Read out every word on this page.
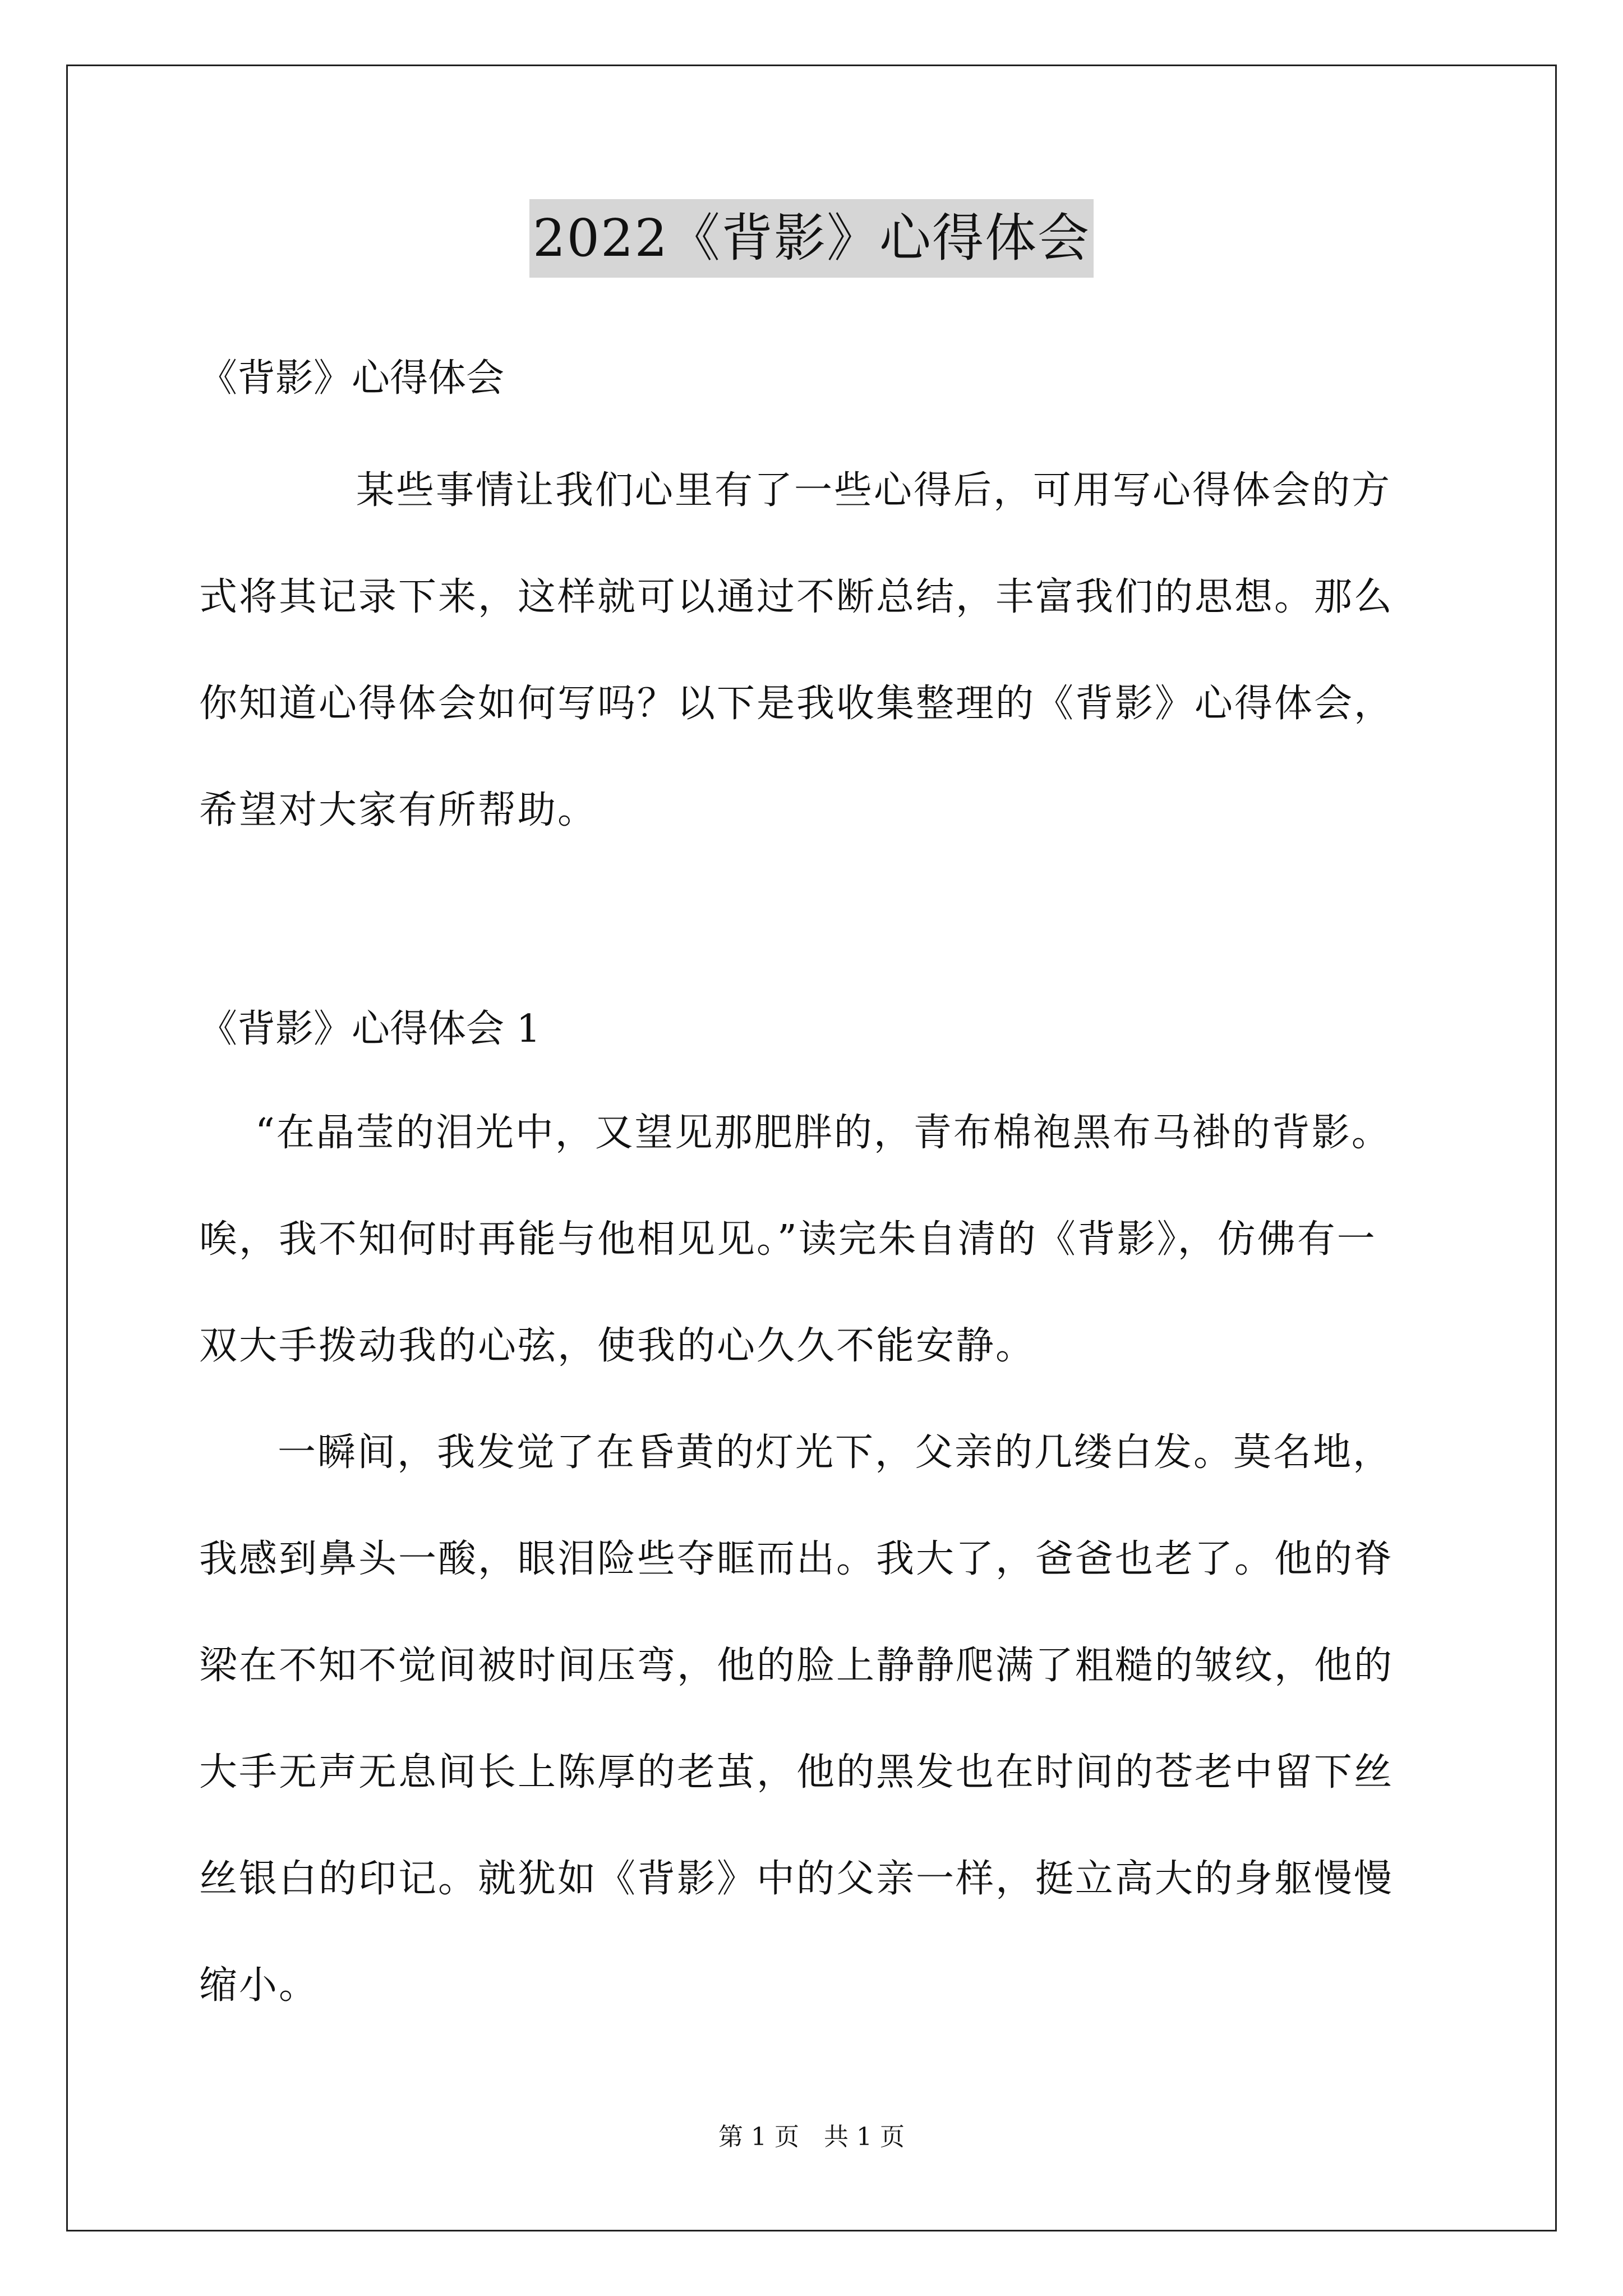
2022《背影》心得体会
《背影》心得体会
某些事情让我们心里有了一些心得后，可用写心得体会的方
式将其记录下来，这样就可以通过不断总结，丰富我们的思想。那么
你知道心得体会如何写吗？以下是我收集整理的《背影》心得体会，
希望对大家有所帮助。
《背影》心得体会 1
“在晶莹的泪光中，又望见那肥胖的，青布棉袍黑布马褂的背影。
唉，我不知何时再能与他相见见。”读完朱自清的《背影》，仿佛有一
双大手拨动我的心弦，使我的心久久不能安静。
一瞬间，我发觉了在昏黄的灯光下，父亲的几缕白发。莫名地，
我感到鼻头一酸，眼泪险些夺眶而出。我大了，爸爸也老了。他的脊
梁在不知不觉间被时间压弯，他的脸上静静爬满了粗糙的皱纹，他的
大手无声无息间长上陈厚的老茧，他的黑发也在时间的苍老中留下丝
丝银白的印记。就犹如《背影》中的父亲一样，挺立高大的身躯慢慢
缩小。
第 1 页　共 1 页
